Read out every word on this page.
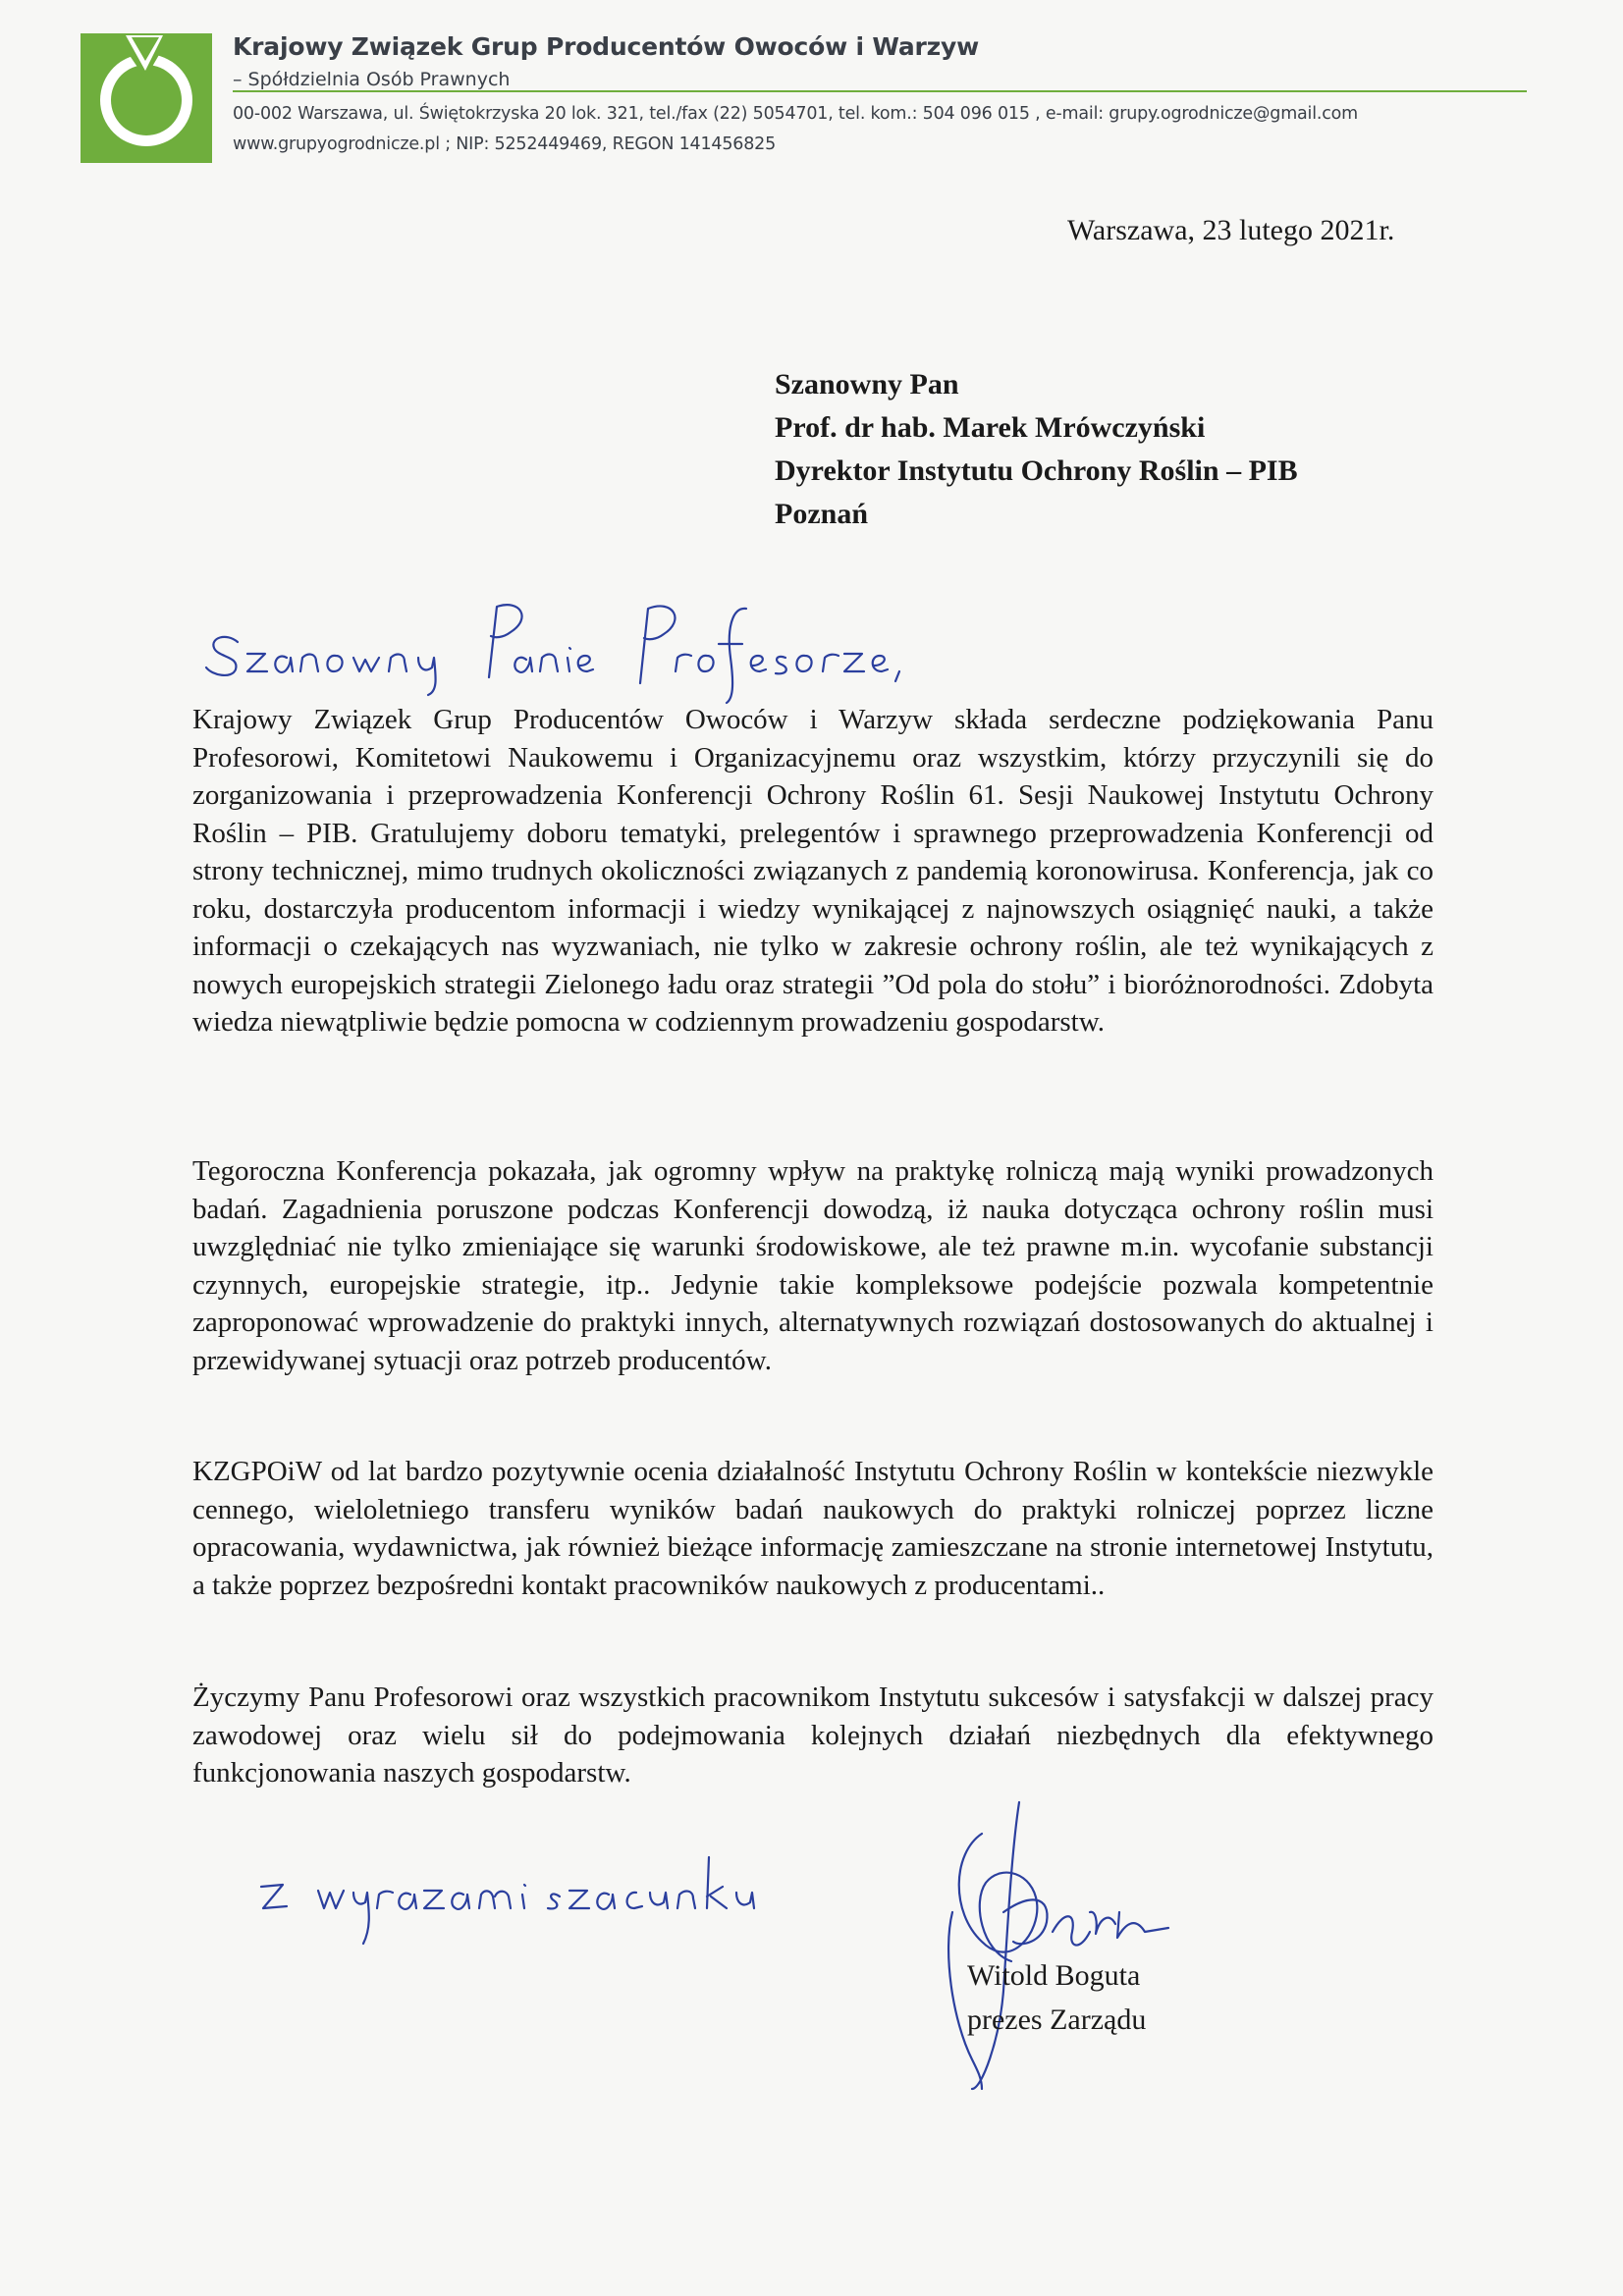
Krajowy Związek Grup Producentów Owoców i Warzyw
– Spółdzielnia Osób Prawnych
00-002 Warszawa, ul. Świętokrzyska 20 lok. 321, tel./fax (22) 5054701, tel. kom.: 504 096 015 , e-mail: grupy.ogrodnicze@gmail.com
www.grupyogrodnicze.pl ; NIP: 5252449469, REGON 141456825
Warszawa, 23 lutego 2021r.
Szanowny Pan
Prof. dr hab. Marek Mrówczyński
Dyrektor Instytutu Ochrony Roślin – PIB
Poznań

Krajowy Związek Grup Producentów Owoców i Warzyw składa serdeczne podziękowania Panu Profesorowi, Komitetowi Naukowemu i Organizacyjnemu oraz wszystkim, którzy przyczynili się do zorganizowania i przeprowadzenia Konferencji Ochrony Roślin 61. Sesji Naukowej Instytutu Ochrony Roślin – PIB. Gratulujemy doboru tematyki, prelegentów i sprawnego przeprowadzenia Konferencji od strony technicznej, mimo trudnych okoliczności związanych z pandemią koronowirusa. Konferencja, jak co roku, dostarczyła producentom informacji i wiedzy wynikającej z najnowszych osiągnięć nauki, a także informacji o czekających nas wyzwaniach, nie tylko w zakresie ochrony roślin, ale też wynikających z nowych europejskich strategii Zielonego ładu oraz strategii ”Od pola do stołu” i bioróżnorodności. Zdobyta wiedza niewątpliwie będzie pomocna w codziennym prowadzeniu gospodarstw.

Tegoroczna Konferencja pokazała, jak ogromny wpływ na praktykę rolniczą mają wyniki prowadzonych badań. Zagadnienia poruszone podczas Konferencji dowodzą, iż nauka dotycząca ochrony roślin musi uwzględniać nie tylko zmieniające się warunki środowiskowe, ale też prawne m.in. wycofanie substancji czynnych, europejskie strategie, itp.. Jedynie takie kompleksowe podejście pozwala kompetentnie zaproponować wprowadzenie do praktyki innych, alternatywnych rozwiązań dostosowanych do aktualnej i przewidywanej sytuacji oraz potrzeb producentów.

KZGPOiW od lat bardzo pozytywnie ocenia działalność Instytutu Ochrony Roślin w kontekście niezwykle cennego, wieloletniego transferu wyników badań naukowych do praktyki rolniczej poprzez liczne opracowania, wydawnictwa, jak również bieżące informację zamieszczane na stronie internetowej Instytutu, a także poprzez bezpośredni kontakt pracowników naukowych z producentami..

Życzymy Panu Profesorowi oraz wszystkich pracownikom Instytutu sukcesów i satysfakcji w dalszej pracy zawodowej oraz wielu sił do podejmowania kolejnych działań niezbędnych dla efektywnego funkcjonowania naszych gospodarstw.

Witold Boguta
prezes Zarządu
